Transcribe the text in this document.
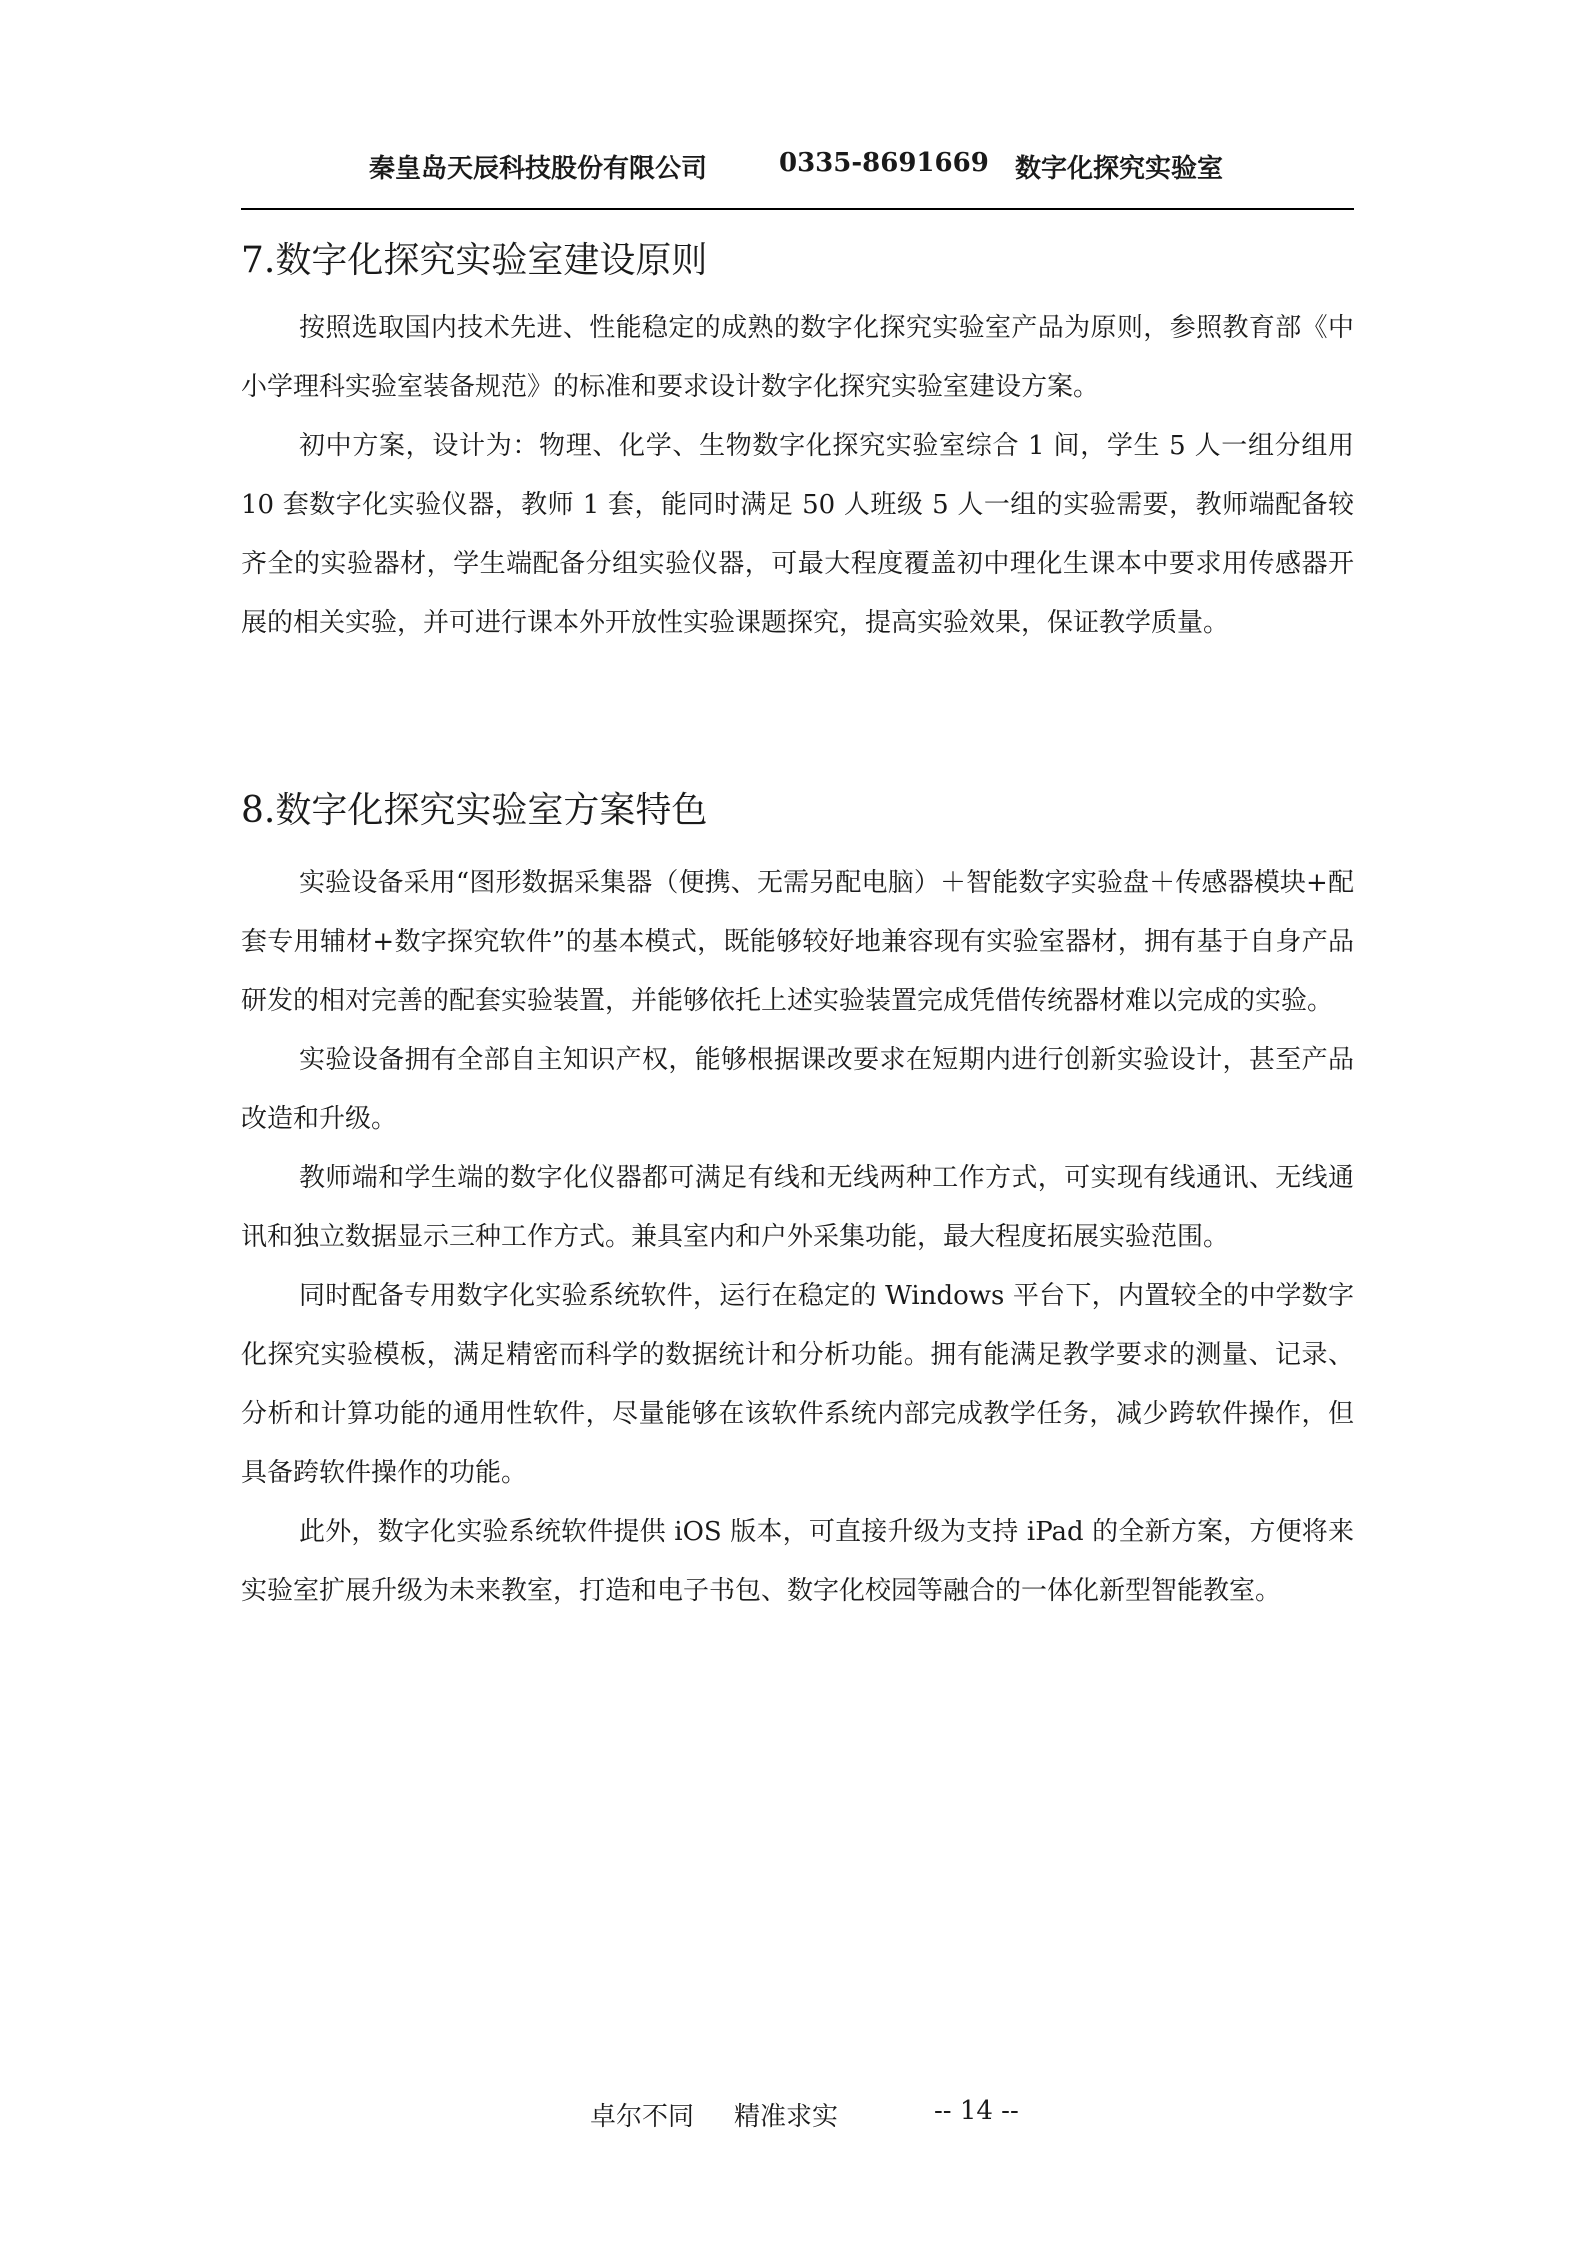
秦皇岛天辰科技股份有限公司	0335-8691669 数字化探究实验室
7.数字化探究实验室建设原则

按照选取国内技术先进、性能稳定的成熟的数字化探究实验室产品为原则，参照教育部《中小学理科实验室装备规范》的标准和要求设计数字化探究实验室建设方案。

初中方案，设计为：物理、化学、生物数字化探究实验室综合 1 间，学生 5 人一组分组用 10 套数字化实验仪器，教师 1 套，能同时满足 50 人班级 5 人一组的实验需要，教师端配备较齐全的实验器材，学生端配备分组实验仪器，可最大程度覆盖初中理化生课本中要求用传感器开展的相关实验，并可进行课本外开放性实验课题探究，提高实验效果，保证教学质量。

8.数字化探究实验室方案特色

实验设备采用“图形数据采集器（便携、无需另配电脑）＋智能数字实验盘＋传感器模块+配套专用辅材+数字探究软件”的基本模式，既能够较好地兼容现有实验室器材，拥有基于自身产品研发的相对完善的配套实验装置，并能够依托上述实验装置完成凭借传统器材难以完成的实验。

实验设备拥有全部自主知识产权，能够根据课改要求在短期内进行创新实验设计，甚至产品改造和升级。

教师端和学生端的数字化仪器都可满足有线和无线两种工作方式，可实现有线通讯、无线通讯和独立数据显示三种工作方式。兼具室内和户外采集功能，最大程度拓展实验范围。

同时配备专用数字化实验系统软件，运行在稳定的 Windows 平台下，内置较全的中学数字化探究实验模板，满足精密而科学的数据统计和分析功能。拥有能满足教学要求的测量、记录、分析和计算功能的通用性软件，尽量能够在该软件系统内部完成教学任务，减少跨软件操作，但具备跨软件操作的功能。

此外，数字化实验系统软件提供 iOS 版本，可直接升级为支持 iPad 的全新方案，方便将来实验室扩展升级为未来教室，打造和电子书包、数字化校园等融合的一体化新型智能教室。

卓尔不同 精准求实	-- 14 --
